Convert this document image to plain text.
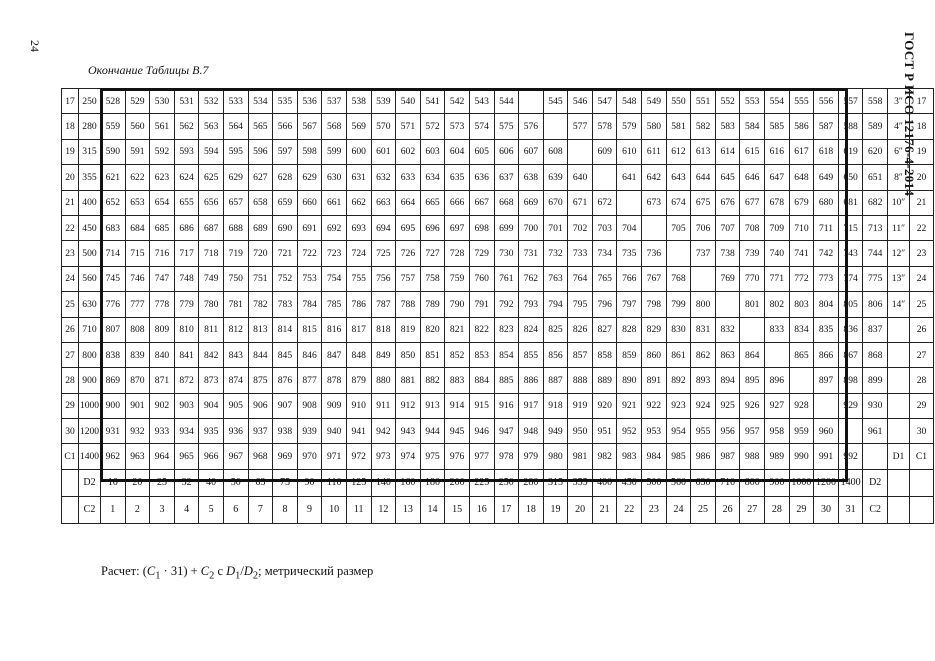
24	ГОСТ Р ИСО 12176-4-2014
Окончание Таблицы В.7
17	250	528	529	530	531	532	533	534	535	536	537	538	539	540	541	542	543	544		545	546	547	548	549	550	551	552	553	554	555	556	557	558	3″	17
18	280	559	560	561	562	563	564	565	566	567	568	569	570	571	572	573	574	575	576		577	578	579	580	581	582	583	584	585	586	587	588	589	4″	18
19	315	590	591	592	593	594	595	596	597	598	599	600	601	602	603	604	605	606	607	608		609	610	611	612	613	614	615	616	617	618	619	620	6″	19
20	355	621	622	623	624	625	629	627	628	629	630	631	632	633	634	635	636	637	638	639	640		641	642	643	644	645	646	647	648	649	650	651	8″	20
21	400	652	653	654	655	656	657	658	659	660	661	662	663	664	665	666	667	668	669	670	671	672		673	674	675	676	677	678	679	680	681	682	10″	21
22	450	683	684	685	686	687	688	689	690	691	692	693	694	695	696	697	698	699	700	701	702	703	704		705	706	707	708	709	710	711	715	713	11″	22
23	500	714	715	716	717	718	719	720	721	722	723	724	725	726	727	728	729	730	731	732	733	734	735	736		737	738	739	740	741	742	743	744	12″	23
24	560	745	746	747	748	749	750	751	752	753	754	755	756	757	758	759	760	761	762	763	764	765	766	767	768		769	770	771	772	773	774	775	13″	24
25	630	776	777	778	779	780	781	782	783	784	785	786	787	788	789	790	791	792	793	794	795	796	797	798	799	800		801	802	803	804	805	806	14″	25
26	710	807	808	809	810	811	812	813	814	815	816	817	818	819	820	821	822	823	824	825	826	827	828	829	830	831	832		833	834	835	836	837		26
27	800	838	839	840	841	842	843	844	845	846	847	848	849	850	851	852	853	854	855	856	857	858	859	860	861	862	863	864		865	866	867	868		27
28	900	869	870	871	872	873	874	875	876	877	878	879	880	881	882	883	884	885	886	887	888	889	890	891	892	893	894	895	896		897	898	899		28
29	1000	900	901	902	903	904	905	906	907	908	909	910	911	912	913	914	915	916	917	918	919	920	921	922	923	924	925	926	927	928		929	930		29
30	1200	931	932	933	934	935	936	937	938	939	940	941	942	943	944	945	946	947	948	949	950	951	952	953	954	955	956	957	958	959	960		961		30
C1	1400	962	963	964	965	966	967	968	969	970	971	972	973	974	975	976	977	978	979	980	981	982	983	984	985	986	987	988	989	990	991	992		D1	C1
	D2	16	20	25	32	40	50	63	75	90	110	125	140	160	180	200	225	250	280	315	355	400	450	500	560	630	710	800	900	1000	1200	1400	D2		
	C2	1	2	3	4	5	6	7	8	9	10	11	12	13	14	15	16	17	18	19	20	21	22	23	24	25	26	27	28	29	30	31	C2		
Расчет: $(C_1 \cdot 31) + C_2$ с $D_1/D_2$; метрический размер
